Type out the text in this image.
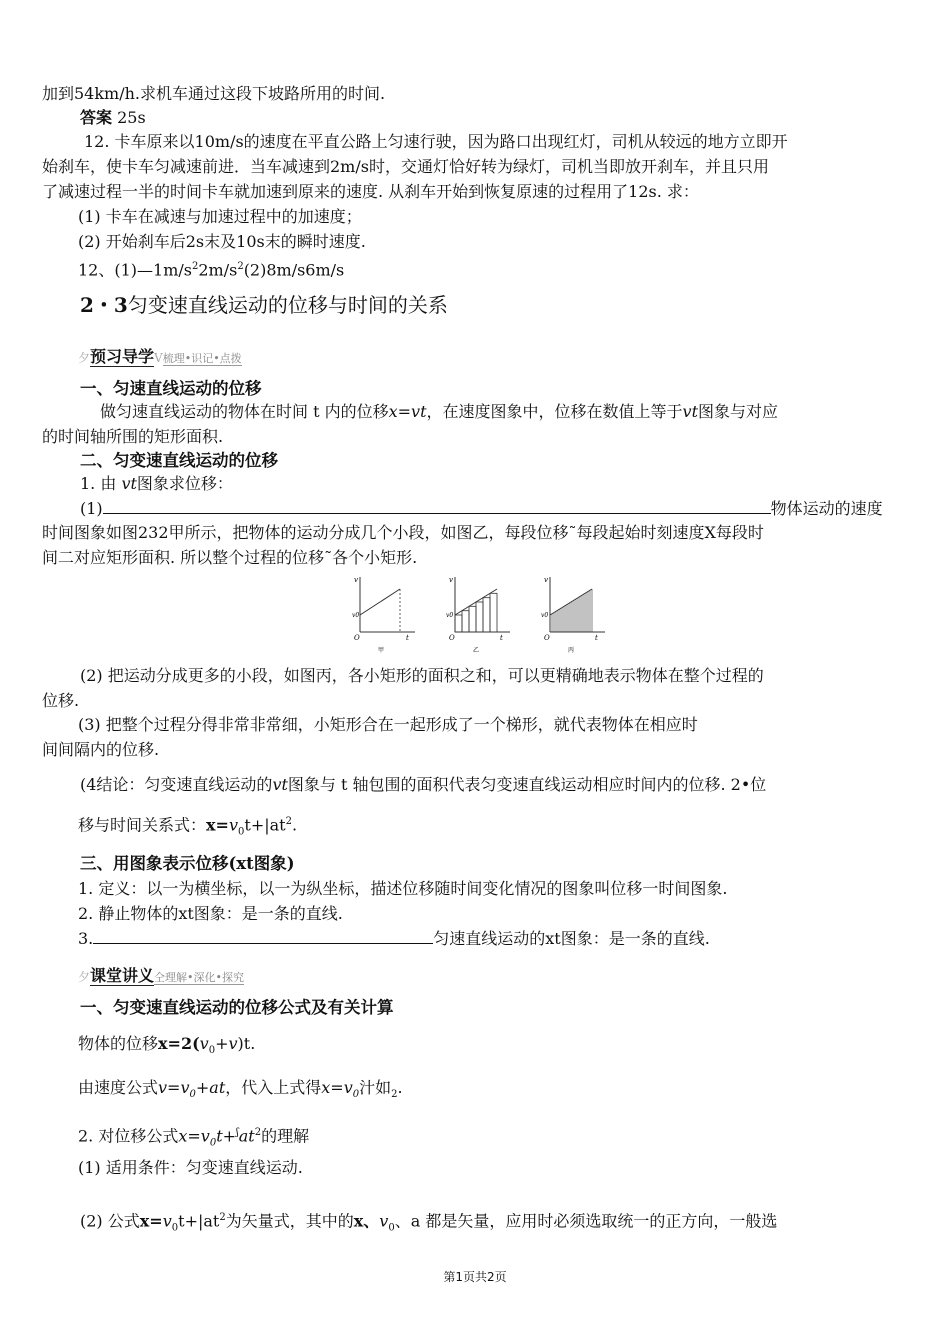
加到54km/h.求机车通过这段下坡路所用的时间.
答案 25s
12. 卡车原来以10m/s的速度在平直公路上匀速行驶，因为路口出现红灯，司机从较远的地方立即开
始刹车，使卡车匀减速前进．当车减速到2m/s时，交通灯恰好转为绿灯，司机当即放开刹车，并且只用
了减速过程一半的时间卡车就加速到原来的速度. 从刹车开始到恢复原速的过程用了12s. 求：
(1) 卡车在减速与加速过程中的加速度；
(2) 开始刹车后2s末及10s末的瞬时速度.
12、$(1)—1m/s^22m/s^2(2)8m/s6m/s$
2・3匀变速直线运动的位移与时间的关系
夕预习导学V梳理•识记•点拨
一、匀速直线运动的位移
做匀速直线运动的物体在时间 t 内的位移x=vt，在速度图象中，位移在数值上等于vt图象与对应
的时间轴所围的矩形面积.
二、匀变速直线运动的位移
1. 由 vt图象求位移：
(1)	物体运动的速度
时间图象如图232甲所示，把物体的运动分成几个小段，如图乙，每段位移˜每段起始时刻速度Ⅹ每段时
间二对应矩形面积. 所以整个过程的位移˜各个小矩形.
v
v0
O	t
甲
v
v0
O	t
乙
v
v0
O	t
丙
(2) 把运动分成更多的小段，如图丙，各小矩形的面积之和，可以更精确地表示物体在整个过程的
位移.
(3) 把整个过程分得非常非常细，小矩形合在一起形成了一个梯形，就代表物体在相应时
间间隔内的位移.
(4结论：匀变速直线运动的vt图象与 t 轴包围的面积代表匀变速直线运动相应时间内的位移. 2•位
移与时间关系式：$x=v_0t+|at^2$.
三、用图象表示位移(xt图象)
1. 定义：以一为横坐标，以一为纵坐标，描述位移随时间变化情况的图象叫位移一时间图象.
2. 静止物体的xt图象：是一条的直线.
3.	匀速直线运动的xt图象：是一条的直线.
夕课堂讲义仝理解•深化•探究
一、匀变速直线运动的位移公式及有关计算
物体的位移$x=2(v_0+v)t$.
由速度公式$v=v_0+at$，代入上式得$x=v_0$汁如$_2$.
2. 对位移公式$x=v_0t+^ʃat^2$的理解
(1) 适用条件：匀变速直线运动.
(2) 公式$x=v_0t+|at^2$为矢量式，其中的x、$v_0$、a 都是矢量，应用时必须选取统一的正方向，一般选
第1页共2页
